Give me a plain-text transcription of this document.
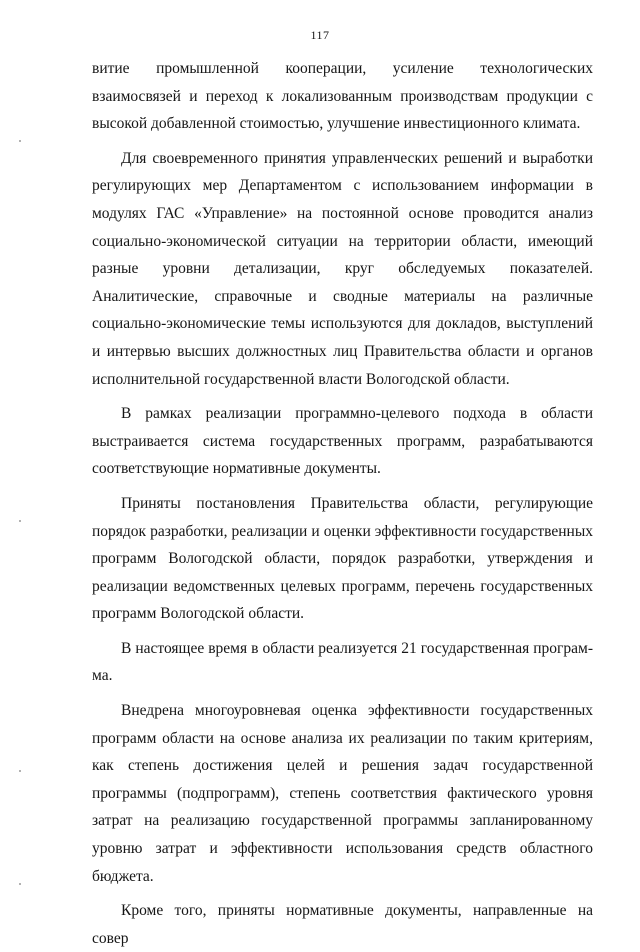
117

витие промышленной кооперации, усиление технологических взаимосвязей и переход к локализованным производствам продукции с высокой добавленной стоимостью, улучшение инвестиционного климата.

Для своевременного принятия управленческих решений и выработки регулирующих мер Департаментом с использованием информации в модулях ГАС «Управление» на постоянной основе проводится анализ социально-экономической ситуации на территории области, имеющий разные уровни детализации, круг обследуемых показателей. Аналитические, справочные и сводные материалы на различные социально-экономические темы используются для докладов, выступлений и интервью высших должностных лиц Правительства области и органов исполнительной государственной власти Вологодской области.

В рамках реализации программно-целевого подхода в области выстраивается система государственных программ, разрабатываются соответствующие нормативные документы.

Приняты постановления Правительства области, регулирующие порядок разработки, реализации и оценки эффективности государственных программ Вологодской области, порядок разработки, утверждения и реализации ведомственных целевых программ, перечень государственных программ Вологодской области.

В настоящее время в области реализуется 21 государственная программа.

Внедрена многоуровневая оценка эффективности государственных программ области на основе анализа их реализации по таким критериям, как степень достижения целей и решения задач государственной программы (подпрограмм), степень соответствия фактического уровня затрат на реализацию государственной программы запланированному уровню затрат и эффективности использования средств областного бюджета.

Кроме того, приняты нормативные документы, направленные на совер
